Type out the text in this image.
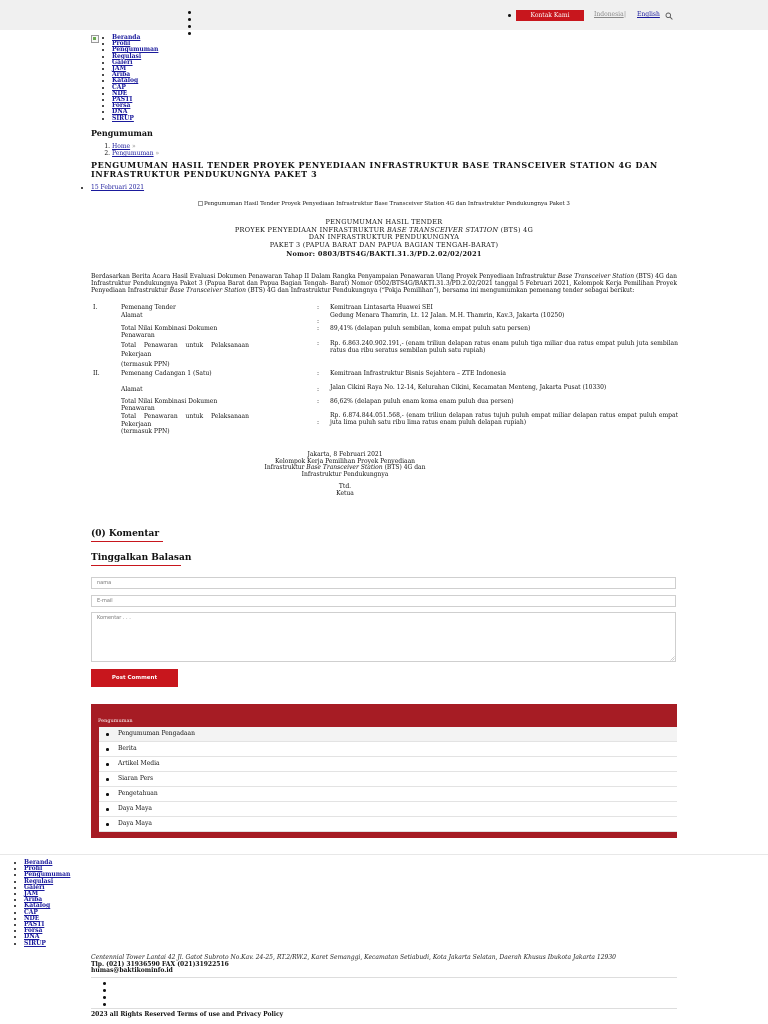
Kontak Kami	Indonesia | English
• Beranda
• Profil
• Pengumuman
• Regulasi
• Galeri
• JAM
• Ariba
• Katalog
• CAP
• NDE
• PASTI
• Forsa
• DNA
• SIRUP
Pengumuman
1. Home »
2. Pengumuman »
PENGUMUMAN HASIL TENDER PROYEK PENYEDIAAN INFRASTRUKTUR BASE TRANSCEIVER STATION 4G DAN INFRASTRUKTUR PENDUKUNGNYA PAKET 3
• 15 Februari 2021
Pengumuman Hasil Tender Proyek Penyediaan Infrastruktur Base Transceiver Station 4G dan Infrastruktur Pendukungnya Paket 3
PENGUMUMAN HASIL TENDER
PROYEK PENYEDIAAN INFRASTRUKTUR BASE TRANSCEIVER STATION (BTS) 4G
DAN INFRASTRUKTUR PENDUKUNGNYA
PAKET 3 (PAPUA BARAT DAN PAPUA BAGIAN TENGAH-BARAT)
Nomor: 0803/BTS4G/BAKTI.31.3/PD.2.02/02/2021

Berdasarkan Berita Acara Hasil Evaluasi Dokumen Penawaran Tahap II Dalam Rangka Penyampaian Penawaran Ulang Proyek Penyediaan Infrastruktur Base Transceiver Station (BTS) 4G dan Infrastruktur Pendukungnya Paket 3 (Papua Barat dan Papua Bagian Tengah- Barat) Nomor 0502/BTS4G/BAKTI.31.3/PD.2.02/2021 tanggal 5 Februari 2021, Kelompok Kerja Pemilihan Proyek Penyediaan Infrastruktur Base Transceiver Station (BTS) 4G dan Infrastruktur Pendukungnya (“Pokja Pemilihan”), bersama ini mengumumkan pemenang tender sebagai berikut:

I.	Pemenang Tender	: Kemitraan Lintasarta Huawei SEI
Alamat
:
Gedung Menara Thamrin, Lt. 12 Jalan. M.H. Thamrin, Kav.3, Jakarta (10250)
Total Nilai Kombinasi Dokumen Penawaran
: 89,41% (delapan puluh sembilan, koma empat puluh satu persen)
Total Penawaran untuk Pelaksanaan Pekerjaan
: Rp. 6.863.240.902.191,- (enam triliun delapan ratus enam puluh tiga miliar dua ratus empat puluh juta sembilan ratus dua ribu seratus sembilan puluh satu rupiah)
(termasuk PPN)
II.	Pemenang Cadangan 1 (Satu)	: Kemitraan Infrastruktur Bisnis Sejahtera – ZTE Indonesia
Alamat	: Jalan Cikini Raya No. 12-14, Kelurahan Cikini, Kecamatan Menteng, Jakarta Pusat (10330)
Total Nilai Kombinasi Dokumen Penawaran
: 86,62% (delapan puluh enam koma enam puluh dua persen)
Total Penawaran untuk Pelaksanaan Pekerjaan	:
Rp. 6.874.844.051.568,- (enam triliun delapan ratus tujuh puluh empat miliar delapan ratus empat puluh empat juta lima puluh satu ribu lima ratus enam puluh delapan rupiah)
(termasuk PPN)
Jakarta, 8 Februari 2021
Kelompok Kerja Pemilihan Proyek Penyediaan
Infrastruktur Base Transceiver Station (BTS) 4G dan
Infrastruktur Pendukungnya
Ttd.
Ketua
(0) Komentar
Tinggalkan Balasan
nama
E-mail
Komentar . . .
Post Comment
Pengumuman
Pengumuman Pengadaan
Berita
Artikel Media
Siaran Pers
Pengetahuan
Daya Maya
Daya Maya
• Beranda
• Profil
• Pengumuman
• Regulasi
• Galeri
• JAM
• Ariba
• Katalog
• CAP
• NDE
• PASTI
• Forsa
• DNA
• SIRUP
Centennial Tower Lantai 42 Jl. Gatot Subroto No.Kav. 24-25, RT.2/RW.2, Karet Semanggi, Kecamatan Setiabudi, Kota Jakarta Selatan, Daerah Khusus Ibukota Jakarta 12930
Tlp. (021) 31936590 FAX (021)31922516
humas@baktikominfo.id
2023 all Rights Reserved Terms of use and Privacy Policy
